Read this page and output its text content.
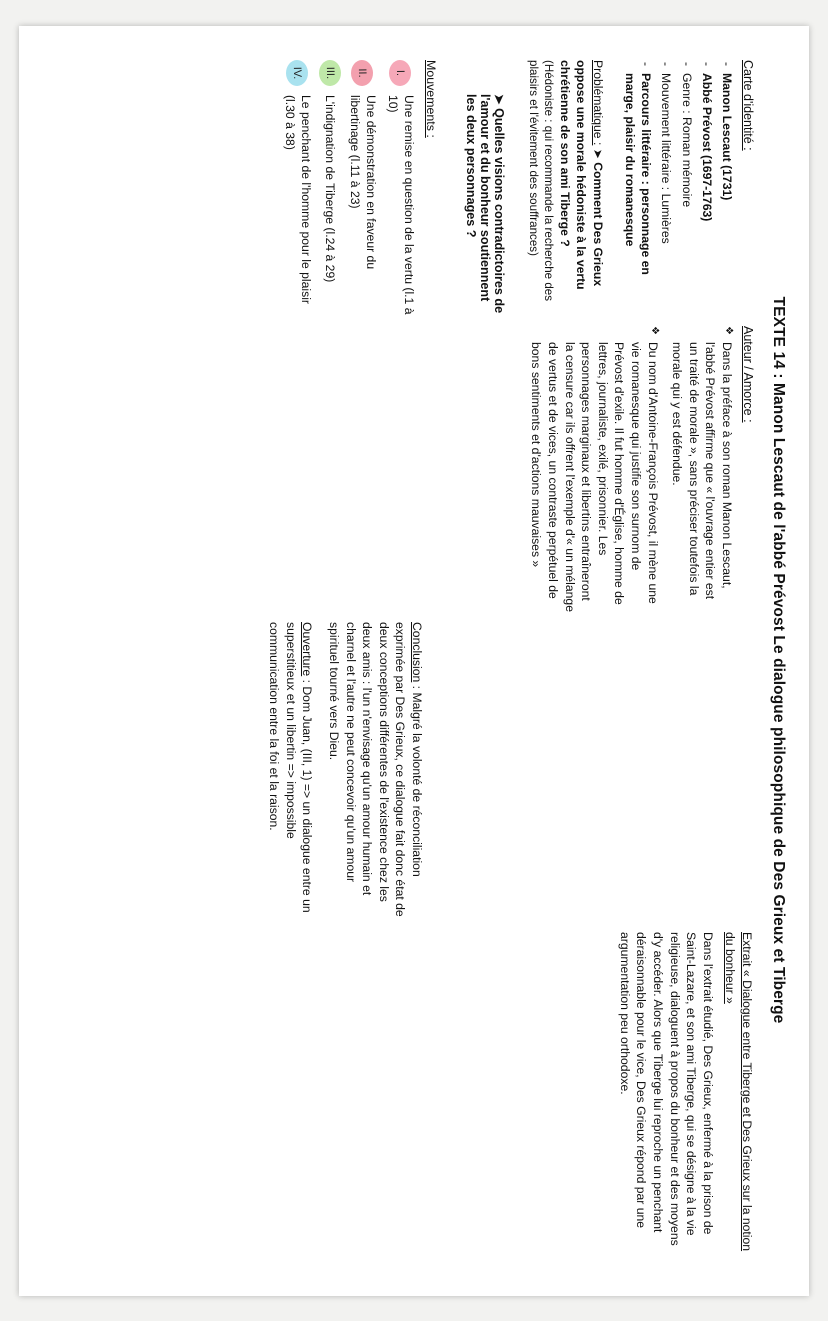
TEXTE 14 : Manon Lescaut de l'abbé Prévost Le dialogue philosophique de Des Grieux et Tiberge
Carte d'identité :
- Manon Lescaut (1731)
- Abbé Prévost (1697-1763)
- Genre : Roman mémoire
- Mouvement littéraire : Lumières
- Parcours littéraire : personnage en marge, plaisir du romanesque
Problématique : ➤ Comment Des Grieux oppose une morale hédoniste à la vertu chrétienne de son ami Tiberge ?
(Hédoniste : qui recommande la recherche des plaisirs et l'évitement des souffrances)
➤ Quelles visions contradictoires de l'amour et du bonheur soutiennent les deux personnages ?
Mouvements :
I.
Une remise en question de la vertu (l.1 à 10)
II.
Une démonstration en faveur du libertinage (l.11 à 23)
III.
L'indignation de Tiberge (l.24 à 29)
IV.
Le penchant de l'homme pour le plaisir (l.30 à 38)
Auteur / Amorce :

❖ Dans la préface à son roman Manon Lescaut, l'abbé Prévost affirme que « l'ouvrage entier est un traité de morale », sans préciser toutefois la morale qui y est défendue.

❖ Du nom d'Antoine-François Prévost, il mène une vie romanesque qui justifie son surnom de Prévost d'exile. Il fut homme d'Église, homme de lettres, journaliste, exilé, prisonnier. Les personnages marginaux et libertins entraîneront la censure car ils offrent l'exemple d'« un mélange de vertus et de vices, un contraste perpétuel de bons sentiments et d'actions mauvaises »

Conclusion : Malgré la volonté de réconciliation exprimée par Des Grieux, ce dialogue fait donc état de deux conceptions différentes de l'existence chez les deux amis : l'un n'envisage qu'un amour humain et charnel et l'autre ne peut concevoir qu'un amour spirituel tourné vers Dieu.

Ouverture : Dom Juan, (III, 1) => un dialogue entre un superstitieux et un libertin => impossible communication entre la foi et la raison.

Extrait « Dialogue entre Tiberge et Des Grieux sur la notion du bonheur »

Dans l'extrait étudié, Des Grieux, enfermé à la prison de Saint-Lazare, et son ami Tiberge, qui se désigne à la vie religieuse, dialoguent à propos du bonheur et des moyens d'y accéder. Alors que Tiberge lui reproche un penchant déraisonnable pour le vice, Des Grieux répond par une argumentation peu orthodoxe.
